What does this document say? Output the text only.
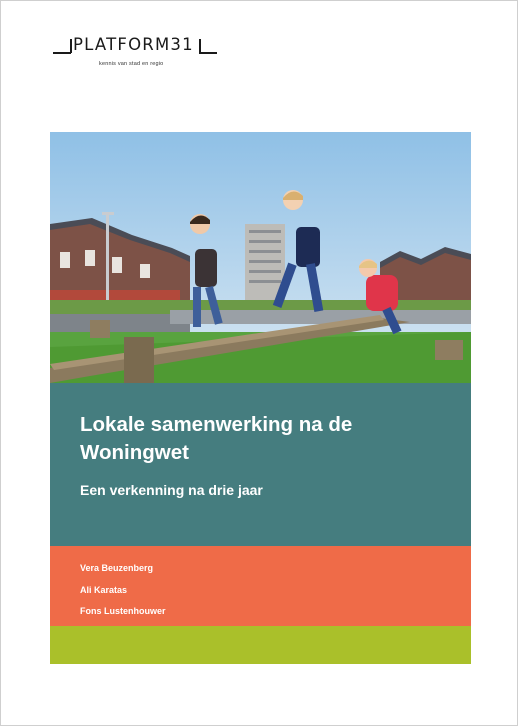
PLATFORM31
kennis van stad en regio
Lokale samenwerking na de Woningwet
Een verkenning na drie jaar
Vera Beuzenberg
Ali Karatas
Fons Lustenhouwer
